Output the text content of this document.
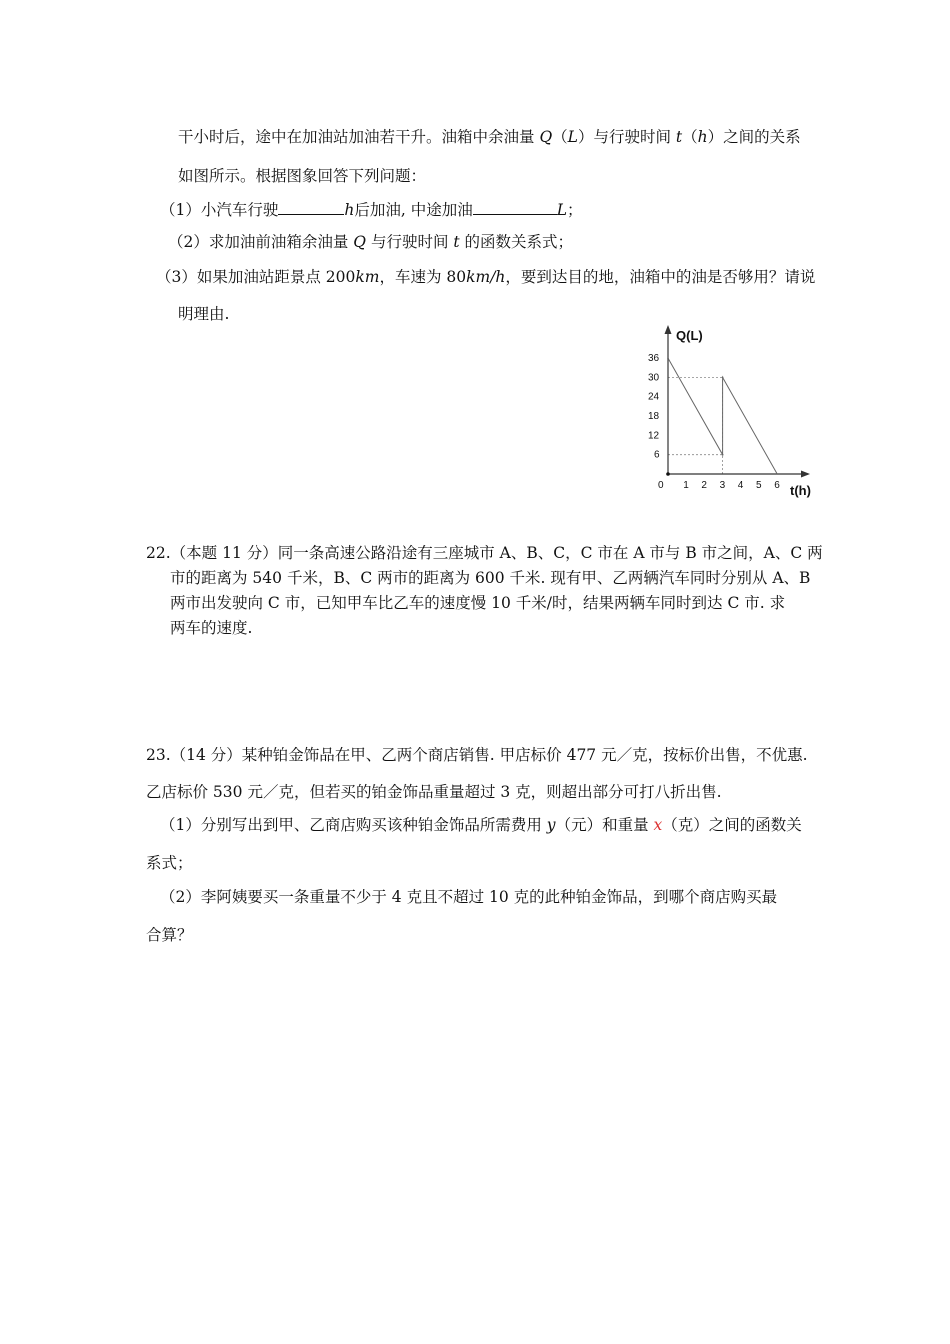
干小时后，途中在加油站加油若干升。油箱中余油量 Q（L）与行驶时间 t（h）之间的关系
如图所示。根据图象回答下列问题：
（1）小汽车行驶	h后加油, 中途加油	L；
（2）求加油前油箱余油量 Q 与行驶时间 t 的函数关系式；
（3）如果加油站距景点 200km，车速为 80km/h，要到达目的地，油箱中的油是否够用？请说
明理由.
0 1 2 3 4 5 6
6
12
18
24
30
36
Q(L)
t(h)
22.（本题 11 分）同一条高速公路沿途有三座城市 A、B、C，C 市在 A 市与 B 市之间，A、C 两
市的距离为 540 千米，B、C 两市的距离为 600 千米. 现有甲、乙两辆汽车同时分别从 A、B
两市出发驶向 C 市，已知甲车比乙车的速度慢 10 千米/时，结果两辆车同时到达 C 市. 求
两车的速度.
23.（14 分）某种铂金饰品在甲、乙两个商店销售. 甲店标价 477 元／克，按标价出售，不优惠.
乙店标价 530 元／克，但若买的铂金饰品重量超过 3 克，则超出部分可打八折出售.
（1）分别写出到甲、乙商店购买该种铂金饰品所需费用 y（元）和重量 x（克）之间的函数关
系式；
（2）李阿姨要买一条重量不少于 4 克且不超过 10 克的此种铂金饰品，到哪个商店购买最
合算？
